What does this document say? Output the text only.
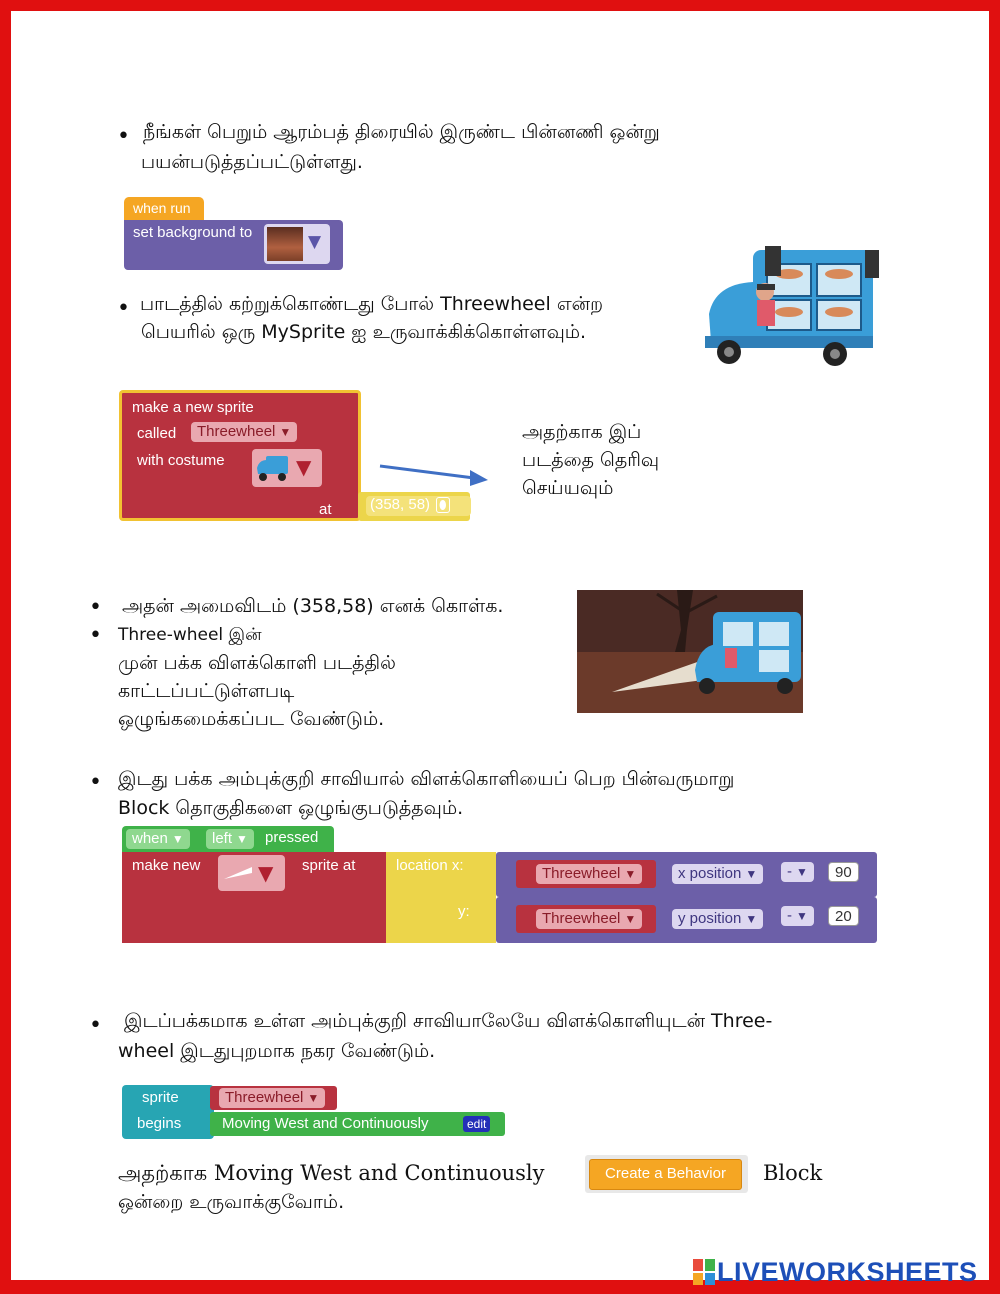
• நீங்கள் பெறும் ஆரம்பத் திரையில் இருண்ட பின்னணி ஒன்று
பயன்படுத்தப்பட்டுள்ளது.
when run
set background to	▼
• பாடத்தில் கற்றுக்கொண்டது போல் Threewheel என்ற
பெயரில் ஒரு MySprite ஐ உருவாக்கிக்கொள்ளவும்.
make a new sprite
called
with costume
at
Threewheel ▼
▼
(358, 58) ⬮
அதற்காக இப்
படத்தை தெரிவு
செய்யவும்
• அதன் அமைவிடம் (358,58) எனக் கொள்க.
• Three-wheel இன்
முன் பக்க விளக்கொளி படத்தில்
காட்டப்பட்டுள்ளபடி
ஒழுங்கமைக்கப்பட வேண்டும்.
• இடது பக்க அம்புக்குறி சாவியால் விளக்கொளியைப் பெற பின்வருமாறு
Block தொகுதிகளை ஒழுங்குபடுத்தவும்.
when ▼	left ▼	pressed
make new	sprite at
▼	location x:
y:
Threewheel ▼	x position ▼	- ▼	90
Threewheel ▼	y position ▼	- ▼	20
• இடப்பக்கமாக உள்ள அம்புக்குறி சாவியாலேயே விளக்கொளியுடன் Three-
wheel இடதுபுறமாக நகர வேண்டும்.
sprite
begins
Threewheel ▼
Moving West and Continuously	edit
அதற்காக Moving West and Continuously	Create a Behavior	Block
ஒன்றை உருவாக்குவோம்.
LIVEWORKSHEETS
